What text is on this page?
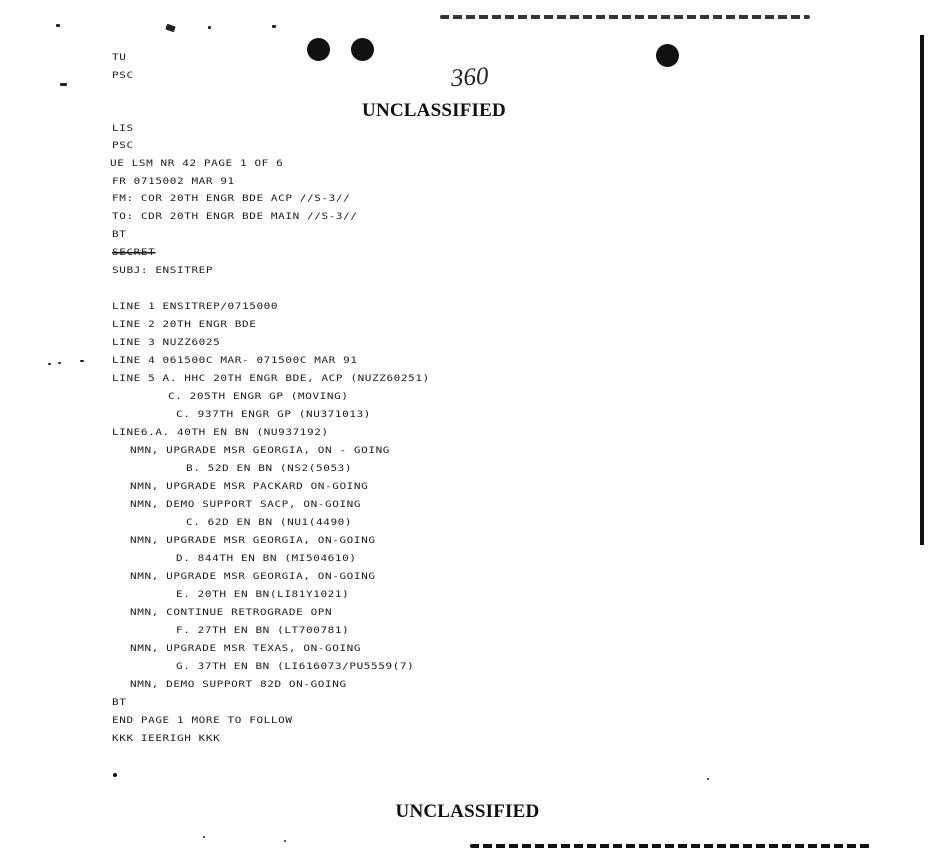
UNCLASSIFIED
360
UNCLASSIFIED
TU
PSC
LIS
PSC
UE LSM NR 42 PAGE 1 OF 6
FR 0715002 MAR 91
FM: COR 20TH ENGR BDE ACP //S-3//
TO: CDR 20TH ENGR BDE MAIN //S-3//
BT
SECRET
SUBJ: ENSITREP
LINE 1 ENSITREP/0715000
LINE 2 20TH ENGR BDE
LINE 3 NUZZ6025
LINE 4 061500C MAR- 071500C MAR 91
LINE 5 A. HHC 20TH ENGR BDE, ACP (NUZZ60251)
C. 205TH ENGR GP (MOVING)
C. 937TH ENGR GP (NU371013)
LINE6.A. 40TH EN BN (NU937192)
NMN, UPGRADE MSR GEORGIA, ON - GOING
B. 52D EN BN (NS2(5053)
NMN, UPGRADE MSR PACKARD ON-GOING
NMN, DEMO SUPPORT SACP, ON-GOING
C. 62D EN BN (NU1(4490)
NMN, UPGRADE MSR GEORGIA, ON-GOING
D. 844TH EN BN (MI504610)
NMN, UPGRADE MSR GEORGIA, ON-GOING
E. 20TH EN BN(LI81Y1021)
NMN, CONTINUE RETROGRADE OPN
F. 27TH EN BN (LT700781)
NMN, UPGRADE MSR TEXAS, ON-GOING
G. 37TH EN BN (LI616073/PU5559(7)
NMN, DEMO SUPPORT 82D ON-GOING
BT
END PAGE 1 MORE TO FOLLOW
KKK IEERIGH KKK
